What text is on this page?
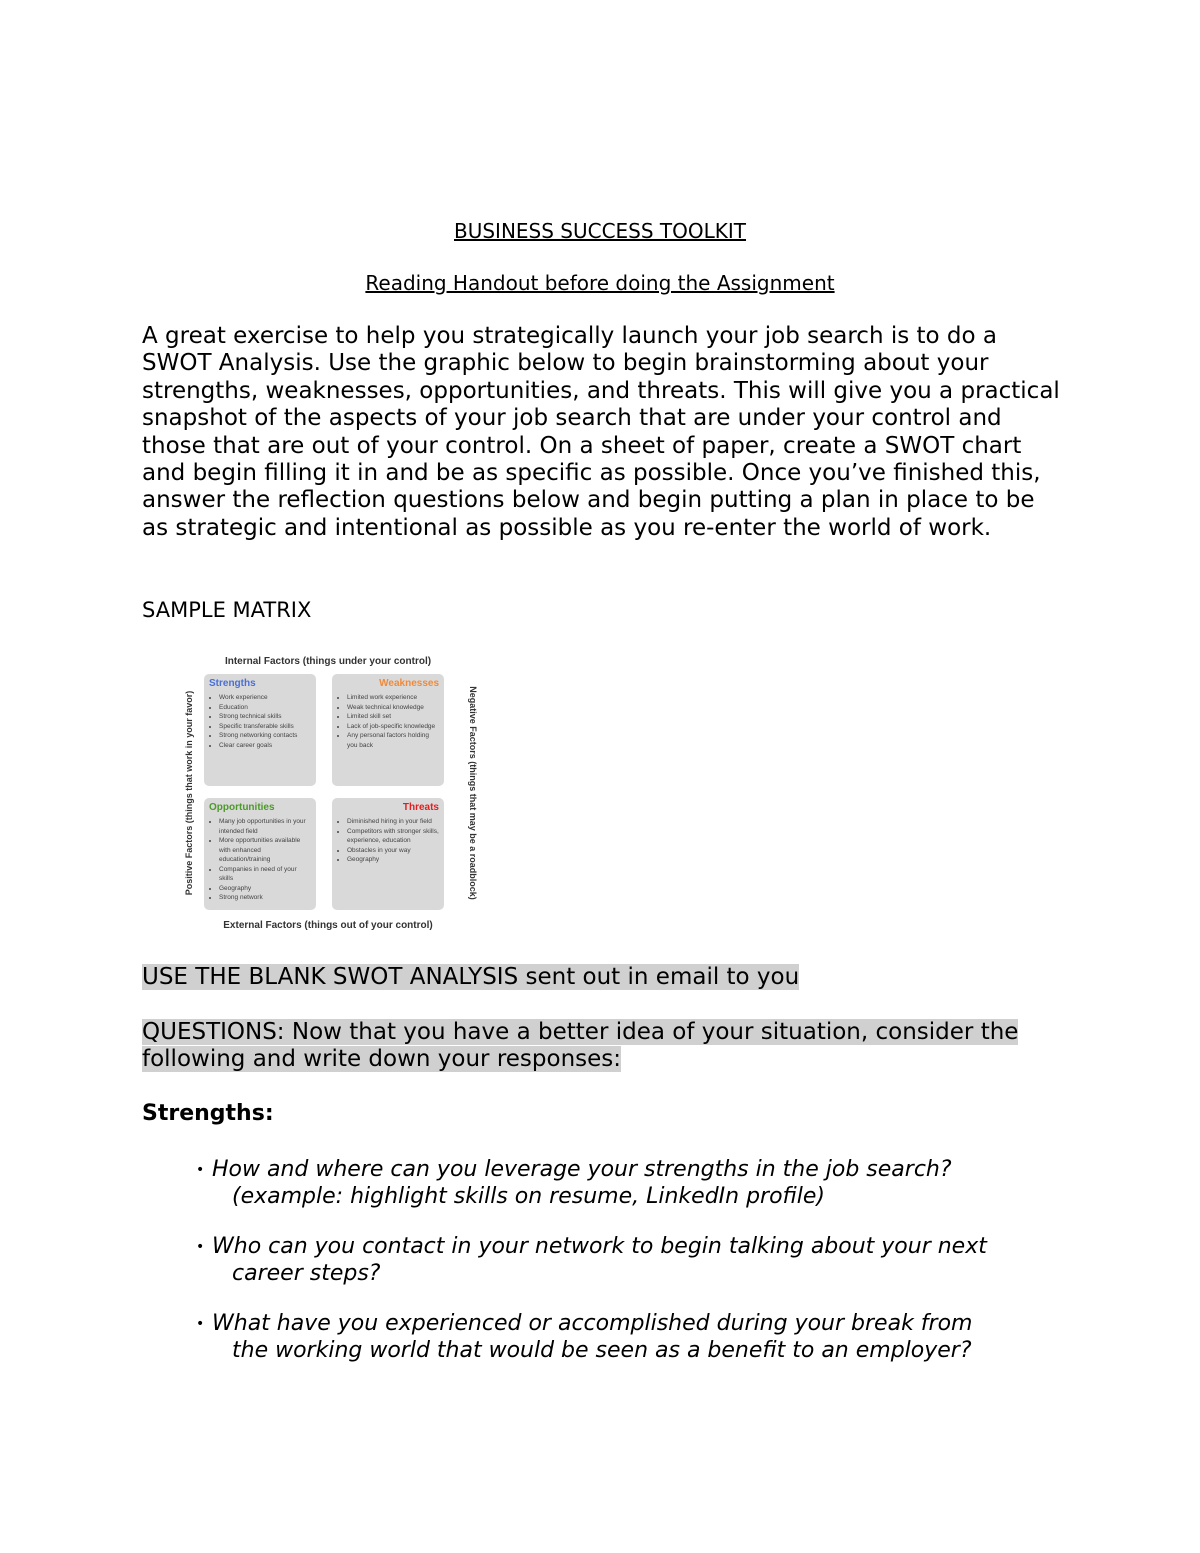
BUSINESS SUCCESS TOOLKIT

Reading Handout before doing the Assignment

A great exercise to help you strategically launch your job search is to do a SWOT Analysis. Use the graphic below to begin brainstorming about your strengths, weaknesses, opportunities, and threats. This will give you a practical snapshot of the aspects of your job search that are under your control and those that are out of your control. On a sheet of paper, create a SWOT chart and begin filling it in and be as specific as possible. Once you’ve finished this, answer the reflection questions below and begin putting a plan in place to be as strategic and intentional as possible as you re-enter the world of work.

SAMPLE MATRIX

Internal Factors (things under your control)
Positive Factors (things that work in your favor)	Negative Factors (things that may be a roadblock)
Strengths
• Work experience
• Education
• Strong technical skills
• Specific transferable skills
• Strong networking contacts
• Clear career goals
Weaknesses
• Limited work experience
• Weak technical knowledge
• Limited skill set
• Lack of job-specific knowledge
• Any personal factors holding you back
Opportunities
• Many job opportunities in your intended field
• More opportunities available with enhanced education/training
• Companies in need of your skills
• Geography
• Strong network
Threats
• Diminished hiring in your field
• Competitors with stronger skills, experience, education
• Obstacles in your way
• Geography
External Factors (things out of your control)

USE THE BLANK SWOT ANALYSIS sent out in email to you

QUESTIONS: Now that you have a better idea of your situation, consider the
following and write down your responses:

Strengths:

• How and where can you leverage your strengths in the job search?
(example: highlight skills on resume, LinkedIn profile)
• Who can you contact in your network to begin talking about your next
career steps?
• What have you experienced or accomplished during your break from
the working world that would be seen as a benefit to an employer?
